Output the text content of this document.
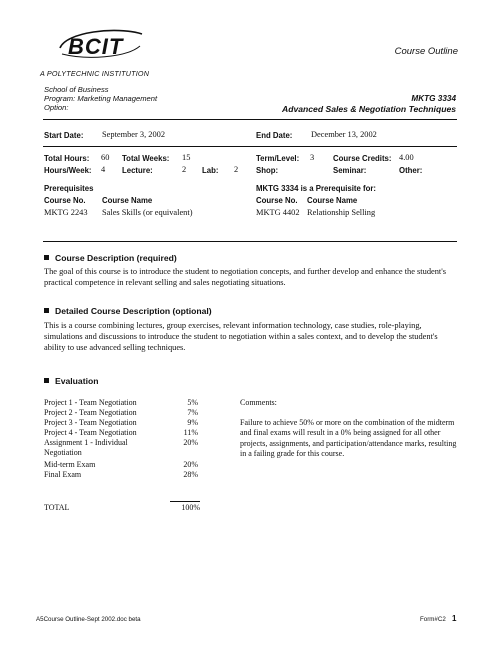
BCIT
A POLYTECHNIC INSTITUTION
Course Outline
School of Business
Program: Marketing Management
Option:
MKTG 3334
Advanced Sales & Negotiation Techniques
Start Date: September 3, 2002	End Date: December 13, 2002
Total Hours: 60 Total Weeks: 15
Hours/Week: 4 Lecture:	2 Lab: 2
Term/Level: 3 Course Credits: 4.00
Shop:	Seminar:	Other:
Prerequisites
Course No. Course Name
MKTG 2243 Sales Skills (or equivalent)
MKTG 3334 is a Prerequisite for:
Course No. Course Name
MKTG 4402 Relationship Selling
Course Description (required)
The goal of this course is to introduce the student to negotiation concepts, and further develop and enhance the student's practical competence in relevant selling and sales negotiating situations.
Detailed Course Description (optional)
This is a course combining lectures, group exercises, relevant information technology, case studies, role-playing, simulations and discussions to introduce the student to negotiation within a sales context, and to develop the student's ability to use advanced selling techniques.
Evaluation
Project 1 - Team Negotiation	5%
Project 2 - Team Negotiation	7%
Project 3 - Team Negotiation	9%
Project 4 - Team Negotiation	11%
Assignment 1 - Individual	20%
Negotiation
Mid-term Exam	20%
Final Exam	28%
TOTAL	100%
Comments:
Failure to achieve 50% or more on the combination of the midterm and final exams will result in a 0% being assigned for all other projects, assignments, and participation/attendance marks, resulting in a failing grade for this course.
A5Course Outline-Sept 2002.doc beta	Form#C2 1
